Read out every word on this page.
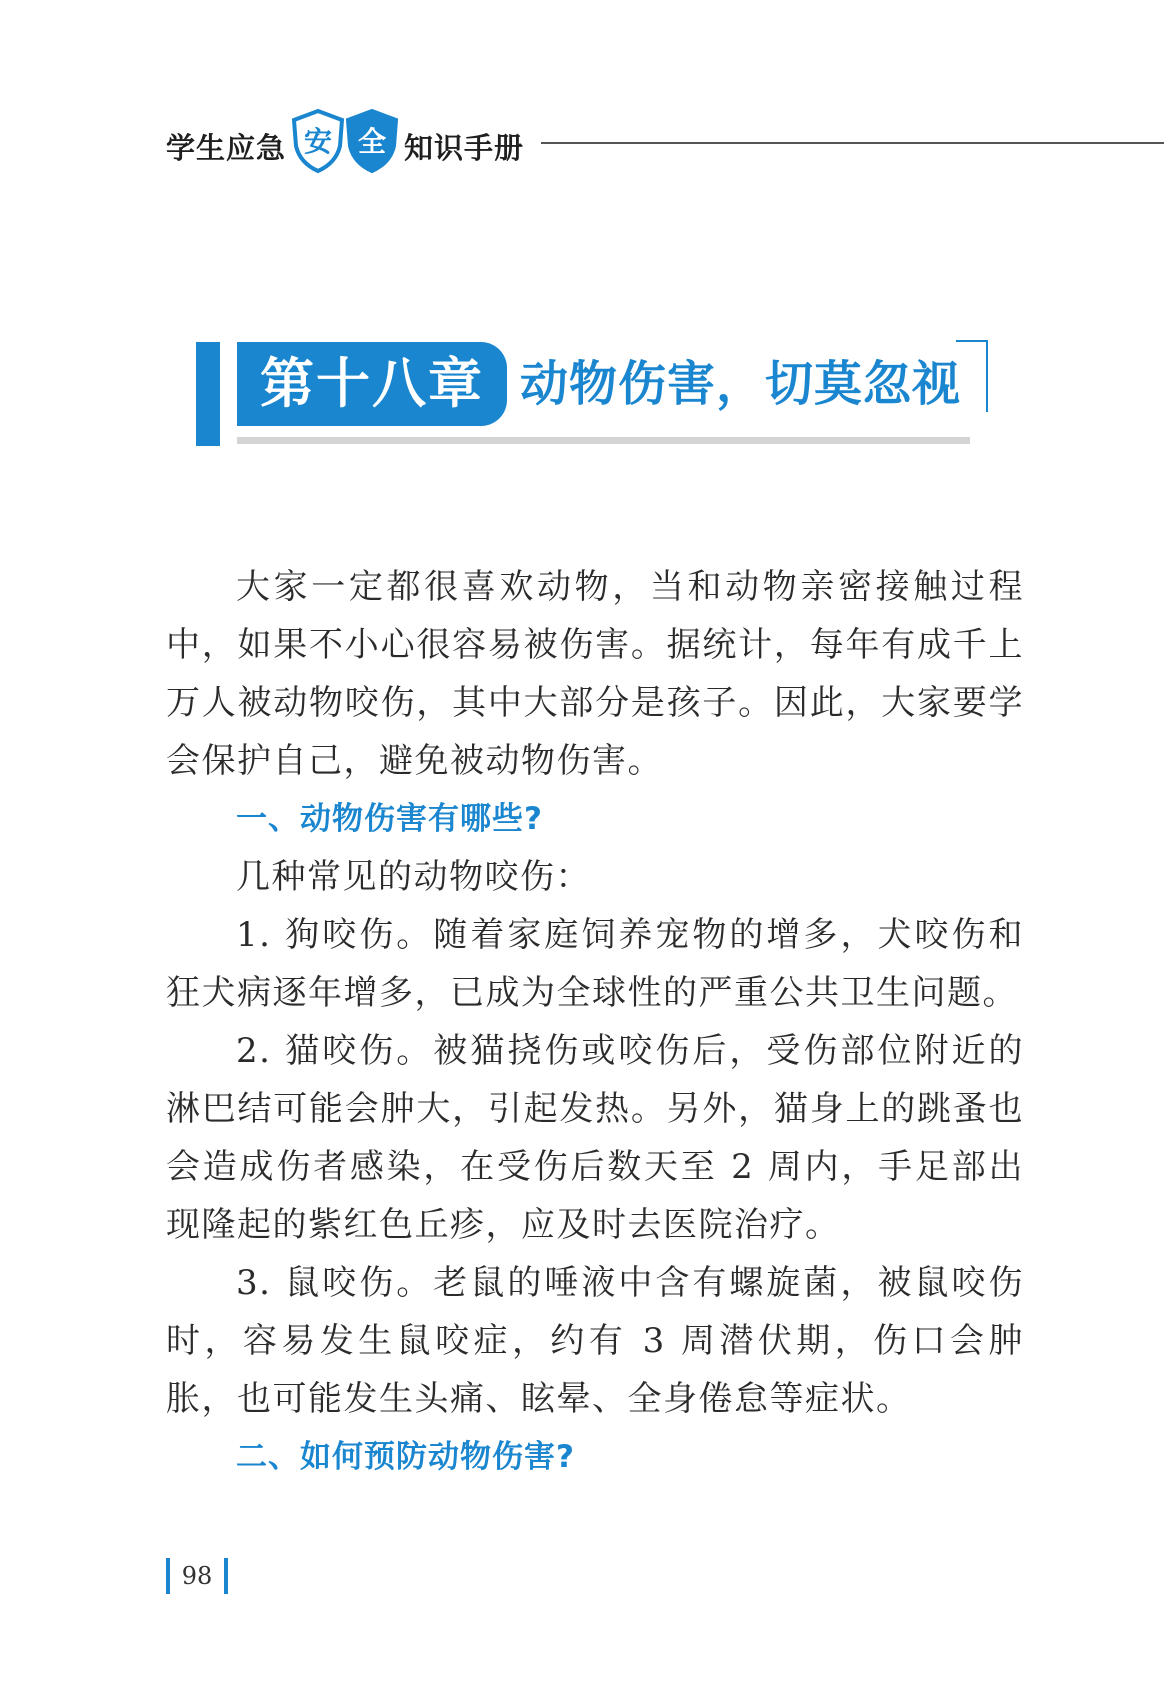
学生应急 安 全 知识手册
第十八章 动物伤害，切莫忽视

大家一定都很喜欢动物，当和动物亲密接触过程中，如果不小心很容易被伤害。据统计，每年有成千上万人被动物咬伤，其中大部分是孩子。因此，大家要学会保护自己，避免被动物伤害。

一、动物伤害有哪些?

几种常见的动物咬伤：

1. 狗咬伤。随着家庭饲养宠物的增多，犬咬伤和狂犬病逐年增多，已成为全球性的严重公共卫生问题。

2. 猫咬伤。被猫挠伤或咬伤后，受伤部位附近的淋巴结可能会肿大，引起发热。另外，猫身上的跳蚤也会造成伤者感染，在受伤后数天至 2 周内，手足部出现隆起的紫红色丘疹，应及时去医院治疗。

3. 鼠咬伤。老鼠的唾液中含有螺旋菌，被鼠咬伤时，容易发生鼠咬症，约有 3 周潜伏期，伤口会肿胀，也可能发生头痛、眩晕、全身倦怠等症状。

二、如何预防动物伤害?

98
